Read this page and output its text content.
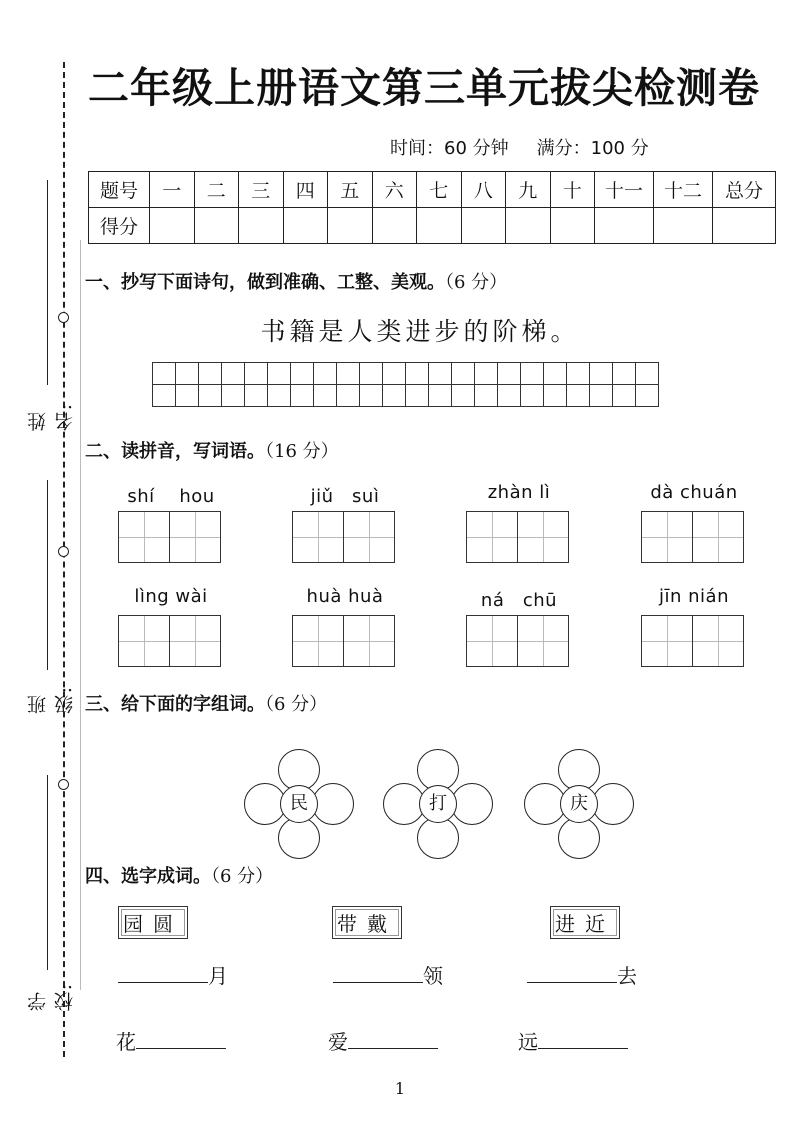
姓名:
班级:
学校:
二年级上册语文第三单元拔尖检测卷
时间：60 分钟 满分：100 分
题号	一	二	三	四	五	六	七	八	九	十	十一	十二	总分
得分													
一、抄写下面诗句，做到准确、工整、美观。（6 分）
书籍是人类进步的阶梯。

二、读拼音，写词语。（16 分）
shí　 hou	jiǔ　suì	zhàn lì	dà chuán
lìng wài	huà huà	ná　chū	jīn nián
三、给下面的字组词。（6 分）
民	打	庆
四、选字成词。（6 分）
园圆	带戴	进近
月	领	去
花	爱	远
1
